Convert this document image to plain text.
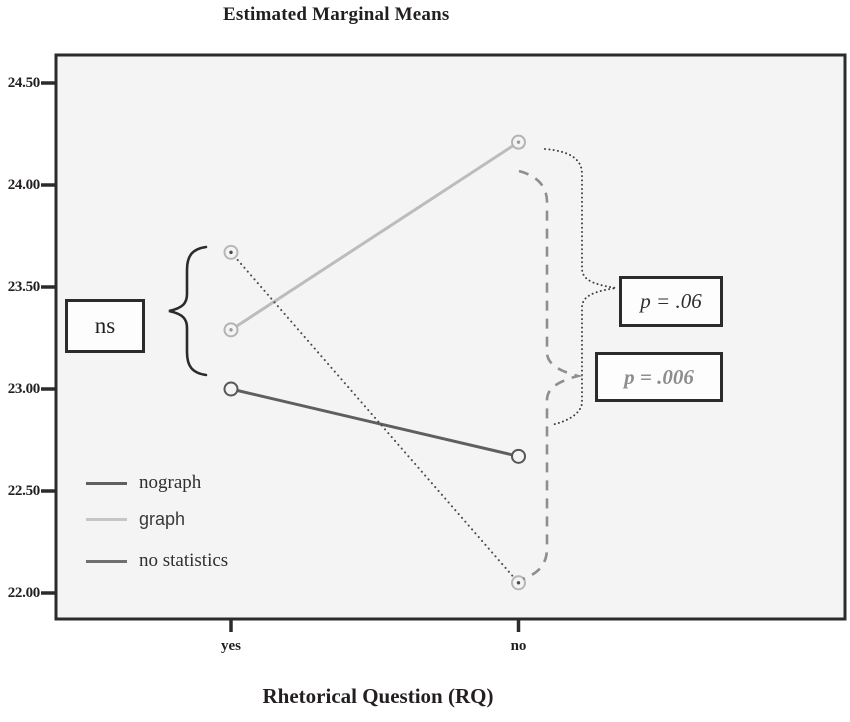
Estimated Marginal Means
24.50
24.00
23.50
23.00
22.50
22.00
yes	no
Rhetorical Question (RQ)
nograph
graph
no statistics
ns
p = .06
p = .006
